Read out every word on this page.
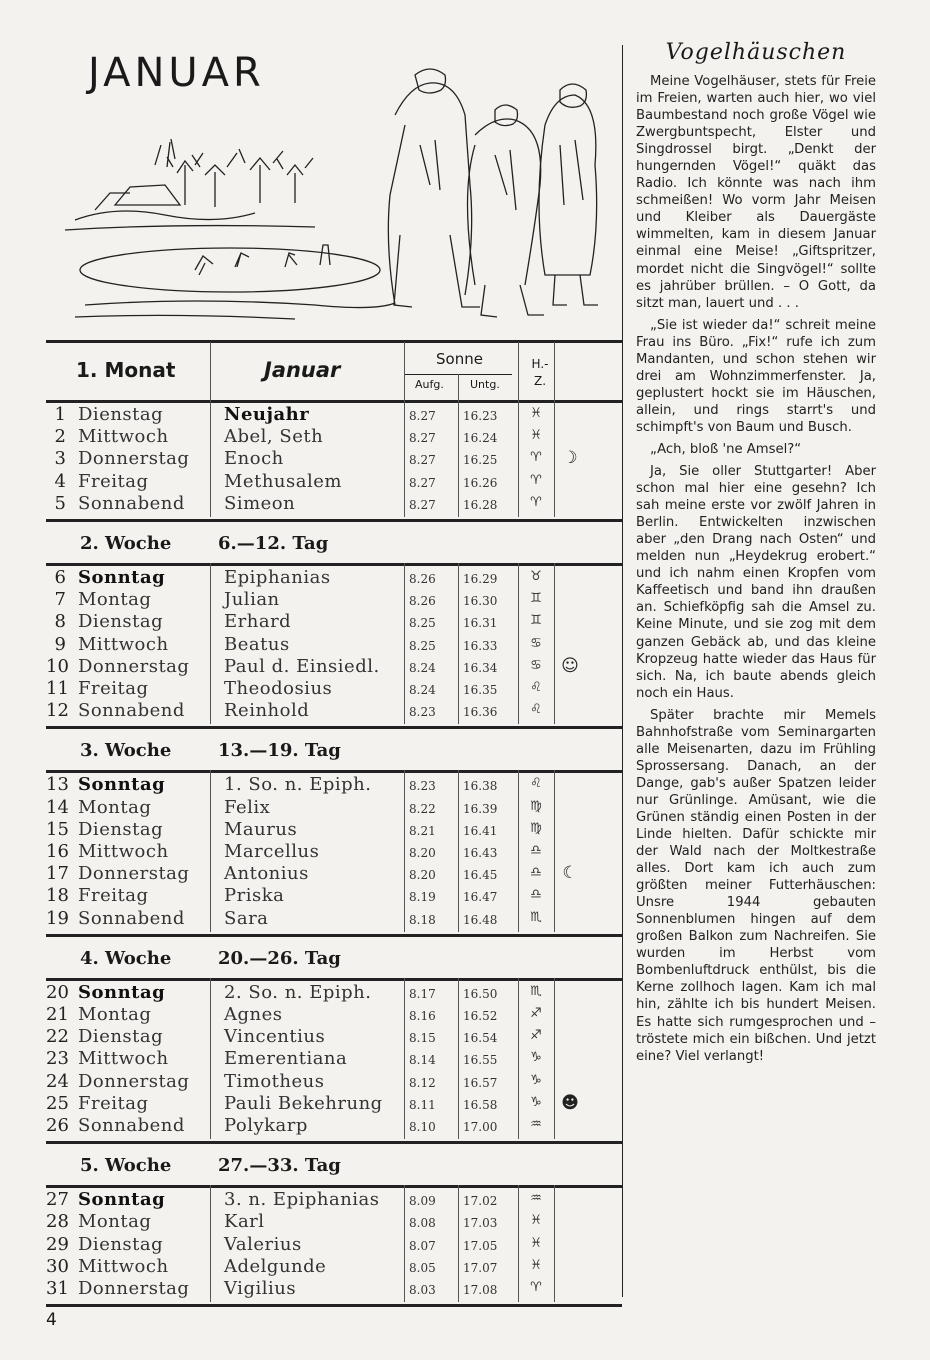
JANUAR
1. Monat	Januar	Sonne
Aufg. Untg.
H.-Z.
1 Dienstag	Neujahr	8.27 16.23	♓
2 Mittwoch	Abel, Seth	8.27 16.24	♓
3 Donnerstag Enoch	8.27 16.25	♈	☽
4 Freitag	Methusalem	8.27 16.26	♈
5 Sonnabend Simeon	8.27 16.28	♈
2. Woche	6.—12. Tag
6 Sonntag	Epiphanias	8.26 16.29	♉
7 Montag	Julian	8.26 16.30	♊
8 Dienstag	Erhard	8.25 16.31	♊
9 Mittwoch	Beatus	8.25 16.33	♋
10 Donnerstag Paul d. Einsiedl. 8.24 16.34	♋	☺
11 Freitag	Theodosius	8.24 16.35	♌
12 Sonnabend Reinhold	8.23 16.36	♌
3. Woche	13.—19. Tag
13 Sonntag	1. So. n. Epiph.	8.23 16.38	♌
14 Montag	Felix	8.22 16.39	♍
15 Dienstag	Maurus	8.21 16.41	♍
16 Mittwoch	Marcellus	8.20 16.43	♎
17 Donnerstag Antonius	8.20 16.45	♎	☾
18 Freitag	Priska	8.19 16.47	♎
19 Sonnabend Sara	8.18 16.48	♏
4. Woche	20.—26. Tag
20 Sonntag	2. So. n. Epiph.	8.17 16.50	♏
21 Montag	Agnes	8.16 16.52	♐
22 Dienstag	Vincentius	8.15 16.54	♐
23 Mittwoch	Emerentiana	8.14 16.55	♑
24 Donnerstag Timotheus	8.12 16.57	♑
25 Freitag	Pauli Bekehrung 8.11 16.58	♑	☻
26 Sonnabend Polykarp	8.10 17.00	♒
5. Woche	27.—33. Tag
27 Sonntag	3. n. Epiphanias 8.09 17.02	♒
28 Montag	Karl	8.08 17.03	♓
29 Dienstag	Valerius	8.07 17.05	♓
30 Mittwoch	Adelgunde	8.05 17.07	♓
31 Donnerstag Vigilius	8.03 17.08	♈
4
Vogelhäuschen

Meine Vogelhäuser, stets für Freie im Freien, warten auch hier, wo viel Baumbestand noch große Vögel wie Zwergbuntspecht, Elster und Singdrossel birgt. „Denkt der hungernden Vögel!“ quäkt das Radio. Ich könnte was nach ihm schmeißen! Wo vorm Jahr Meisen und Kleiber als Dauergäste wimmelten, kam in diesem Januar einmal eine Meise! „Giftspritzer, mordet nicht die Singvögel!“ sollte es jahrüber brüllen. – O Gott, da sitzt man, lauert und . . .

„Sie ist wieder da!“ schreit meine Frau ins Büro. „Fix!“ rufe ich zum Mandanten, und schon stehen wir drei am Wohnzimmerfenster. Ja, geplustert hockt sie im Häuschen, allein, und rings starrt's und schimpft's von Baum und Busch.

„Ach, bloß 'ne Amsel?“

Ja, Sie oller Stuttgarter! Aber schon mal hier eine gesehn? Ich sah meine erste vor zwölf Jahren in Berlin. Entwickelten inzwischen aber „den Drang nach Osten“ und melden nun „Heydekrug erobert.“ und ich nahm einen Kropfen vom Kaffeetisch und band ihn draußen an. Schiefköpfig sah die Amsel zu. Keine Minute, und sie zog mit dem ganzen Gebäck ab, und das kleine Kropzeug hatte wieder das Haus für sich. Na, ich baute abends gleich noch ein Haus.

Später brachte mir Memels Bahnhofstraße vom Seminargarten alle Meisenarten, dazu im Frühling Sprossersang. Danach, an der Dange, gab's außer Spatzen leider nur Grünlinge. Amüsant, wie die Grünen ständig einen Posten in der Linde hielten. Dafür schickte mir der Wald nach der Moltkestraße alles. Dort kam ich auch zum größten meiner Futterhäuschen: Unsre 1944 gebauten Sonnenblumen hingen auf dem großen Balkon zum Nachreifen. Sie wurden im Herbst vom Bombenluftdruck enthülst, bis die Kerne zollhoch lagen. Kam ich mal hin, zählte ich bis hundert Meisen. Es hatte sich rumgesprochen und – tröstete mich ein bißchen. Und jetzt eine? Viel verlangt!
